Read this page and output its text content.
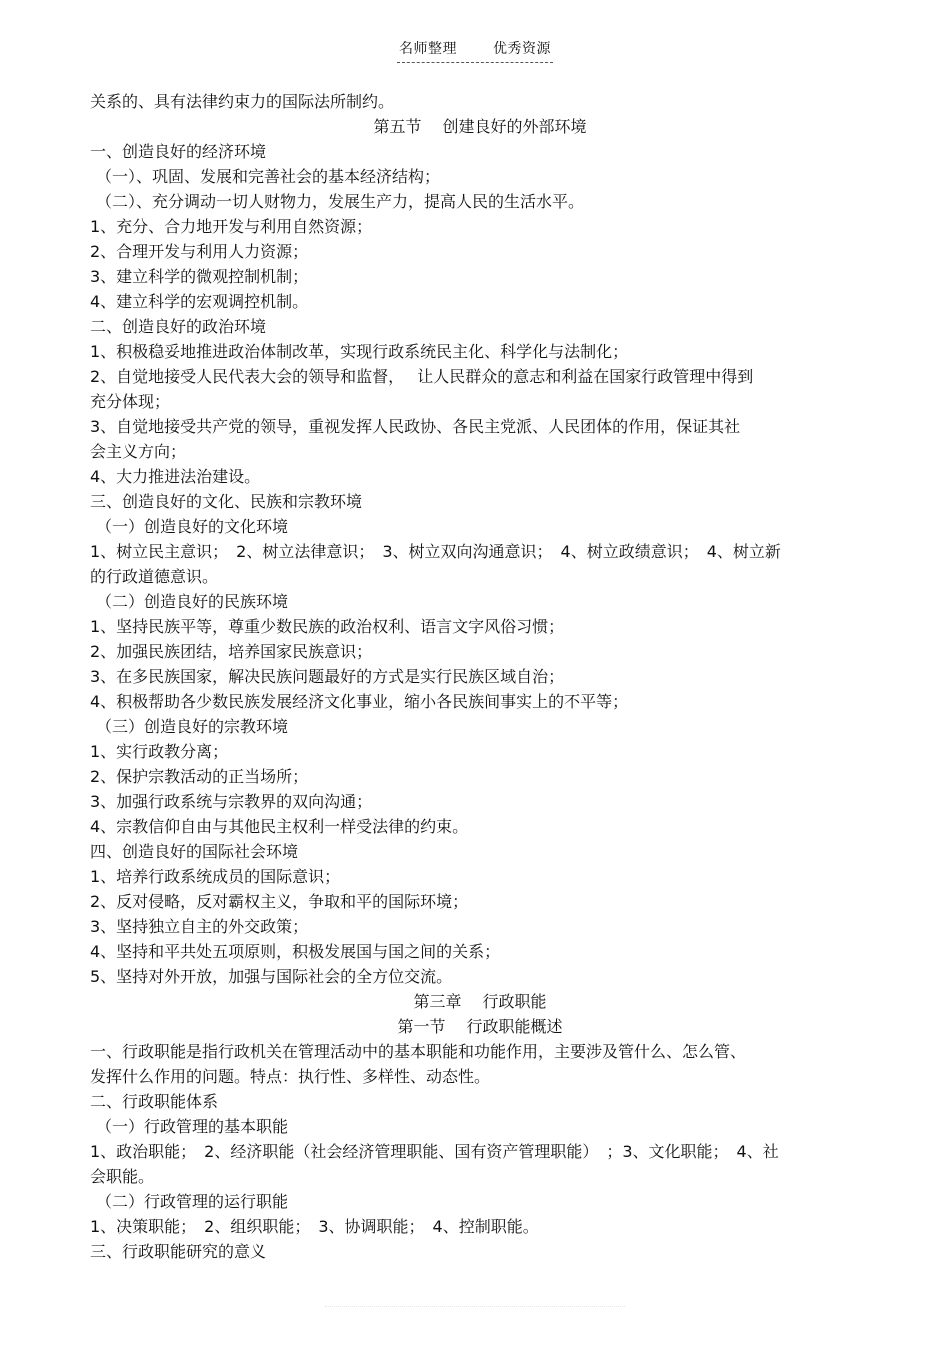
名师整理	优秀资源
关系的、具有法律约束力的国际法所制约。
第五节　 创建良好的外部环境
一、创造良好的经济环境
（一）、巩固、发展和完善社会的基本经济结构；
（二）、充分调动一切人财物力，发展生产力，提高人民的生活水平。
1、充分、合力地开发与利用自然资源；
2、合理开发与利用人力资源；
3、建立科学的微观控制机制；
4、建立科学的宏观调控机制。
二、创造良好的政治环境
1、积极稳妥地推进政治体制改革，实现行政系统民主化、科学化与法制化；
2、自觉地接受人民代表大会的领导和监督，　 让人民群众的意志和利益在国家行政管理中得到
充分体现；
3、自觉地接受共产党的领导，重视发挥人民政协、各民主党派、人民团体的作用，保证其社
会主义方向；
4、大力推进法治建设。
三、创造良好的文化、民族和宗教环境
（一）创造良好的文化环境
1、树立民主意识；　2、树立法律意识；　3、树立双向沟通意识；　4、树立政绩意识；　4、树立新
的行政道德意识。
（二）创造良好的民族环境
1、坚持民族平等，尊重少数民族的政治权利、语言文字风俗习惯；
2、加强民族团结，培养国家民族意识；
3、在多民族国家，解决民族问题最好的方式是实行民族区域自治；
4、积极帮助各少数民族发展经济文化事业，缩小各民族间事实上的不平等；
（三）创造良好的宗教环境
1、实行政教分离；
2、保护宗教活动的正当场所；
3、加强行政系统与宗教界的双向沟通；
4、宗教信仰自由与其他民主权利一样受法律的约束。
四、创造良好的国际社会环境
1、培养行政系统成员的国际意识；
2、反对侵略，反对霸权主义，争取和平的国际环境；
3、坚持独立自主的外交政策；
4、坚持和平共处五项原则，积极发展国与国之间的关系；
5、坚持对外开放，加强与国际社会的全方位交流。
第三章　 行政职能
第一节　 行政职能概述
一、行政职能是指行政机关在管理活动中的基本职能和功能作用，主要涉及管什么、怎么管、
发挥什么作用的问题。特点：执行性、多样性、动态性。
二、行政职能体系
（一）行政管理的基本职能
1、政治职能；　2、经济职能（社会经济管理职能、国有资产管理职能）　；3、文化职能；　4、社
会职能。
（二）行政管理的运行职能
1、决策职能；　2、组织职能；　3、协调职能；　4、控制职能。
三、行政职能研究的意义
